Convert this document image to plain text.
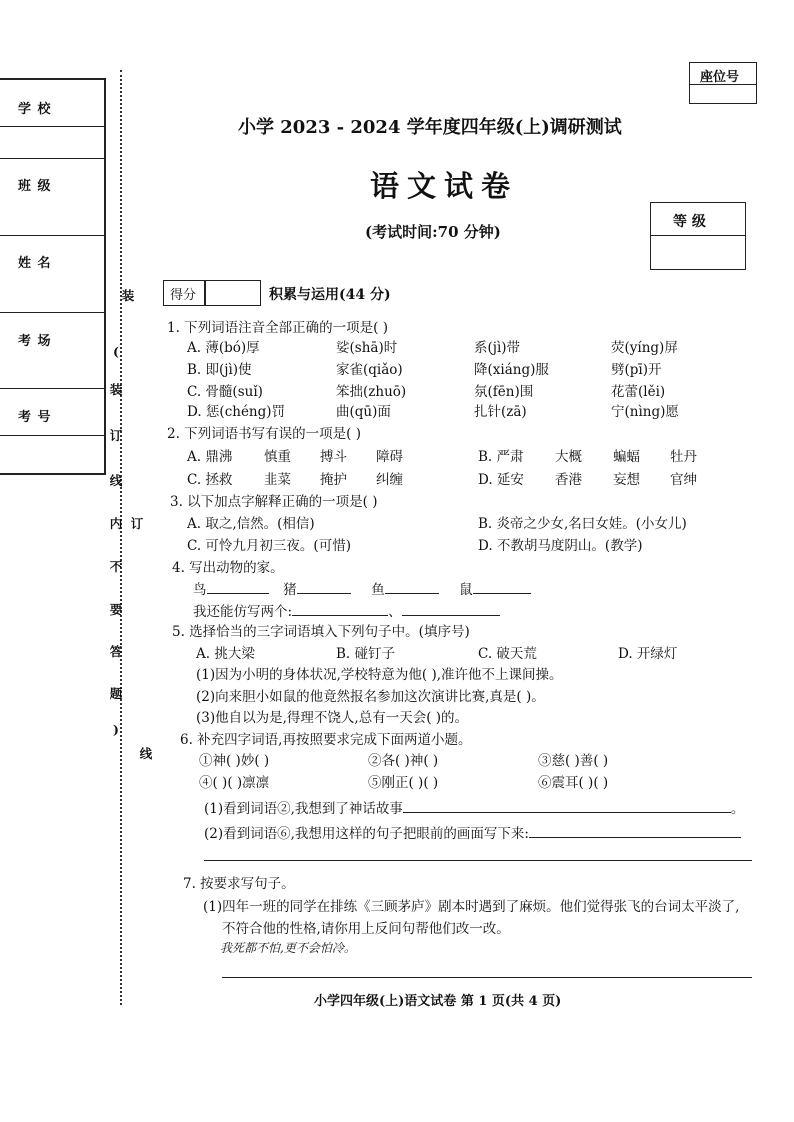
座位号
学 校
班 级
姓 名
考 场
考 号
装
(
装
订
线
内
不
要
答
题
)
订
线
小学 2023 - 2024 学年度四年级(上)调研测试
语文试卷
(考试时间:70 分钟)
等 级
得分	积累与运用(44 分)
1. 下列词语注音全部正确的一项是( )
A. 薄(bó)厚	娑(shā)时	系(jì)带	荧(yíng)屏
B. 即(jì)使	家雀(qiǎo)	降(xiáng)服	劈(pī)开
C. 骨髓(suǐ)	笨拙(zhuō)	氛(fēn)围	花蕾(lěi)
D. 惩(chéng)罚	曲(qū)面	扎针(zā)	宁(nìng)愿
2. 下列词语书写有误的一项是( )
A. 鼎沸 慎重 搏斗 障碍	B. 严肃 大概 蝙蝠 牡丹
C. 拯救 韭菜 掩护 纠缠	D. 延安 香港 妄想 官绅
3. 以下加点字解释正确的一项是( )
A. 取之,信然。(相信)	B. 炎帝之少女,名曰女娃。(小女儿)
C. 可怜九月初三夜。(可惜)	D. 不教胡马度阴山。(教学)
4. 写出动物的家。
鸟	猪	鱼	鼠
我还能仿写两个:	、
5. 选择恰当的三字词语填入下列句子中。(填序号)
A. 挑大梁	B. 碰钉子	C. 破天荒	D. 开绿灯
(1)因为小明的身体状况,学校特意为他( ),准许他不上课间操。
(2)向来胆小如鼠的他竟然报名参加这次演讲比赛,真是( )。
(3)他自以为是,得理不饶人,总有一天会( )的。
6. 补充四字词语,再按照要求完成下面两道小题。
①神( )妙( )	②各( )神( )	③慈( )善( )
④( )( )凛凛	⑤刚正( )( )	⑥震耳( )( )
(1)看到词语②,我想到了神话故事	。
(2)看到词语⑥,我想用这样的句子把眼前的画面写下来:
7. 按要求写句子。
(1)四年一班的同学在排练《三顾茅庐》剧本时遇到了麻烦。他们觉得张飞的台词太平淡了,
不符合他的性格,请你用上反问句帮他们改一改。
我死都不怕,更不会怕冷。
小学四年级(上)语文试卷 第 1 页(共 4 页)
